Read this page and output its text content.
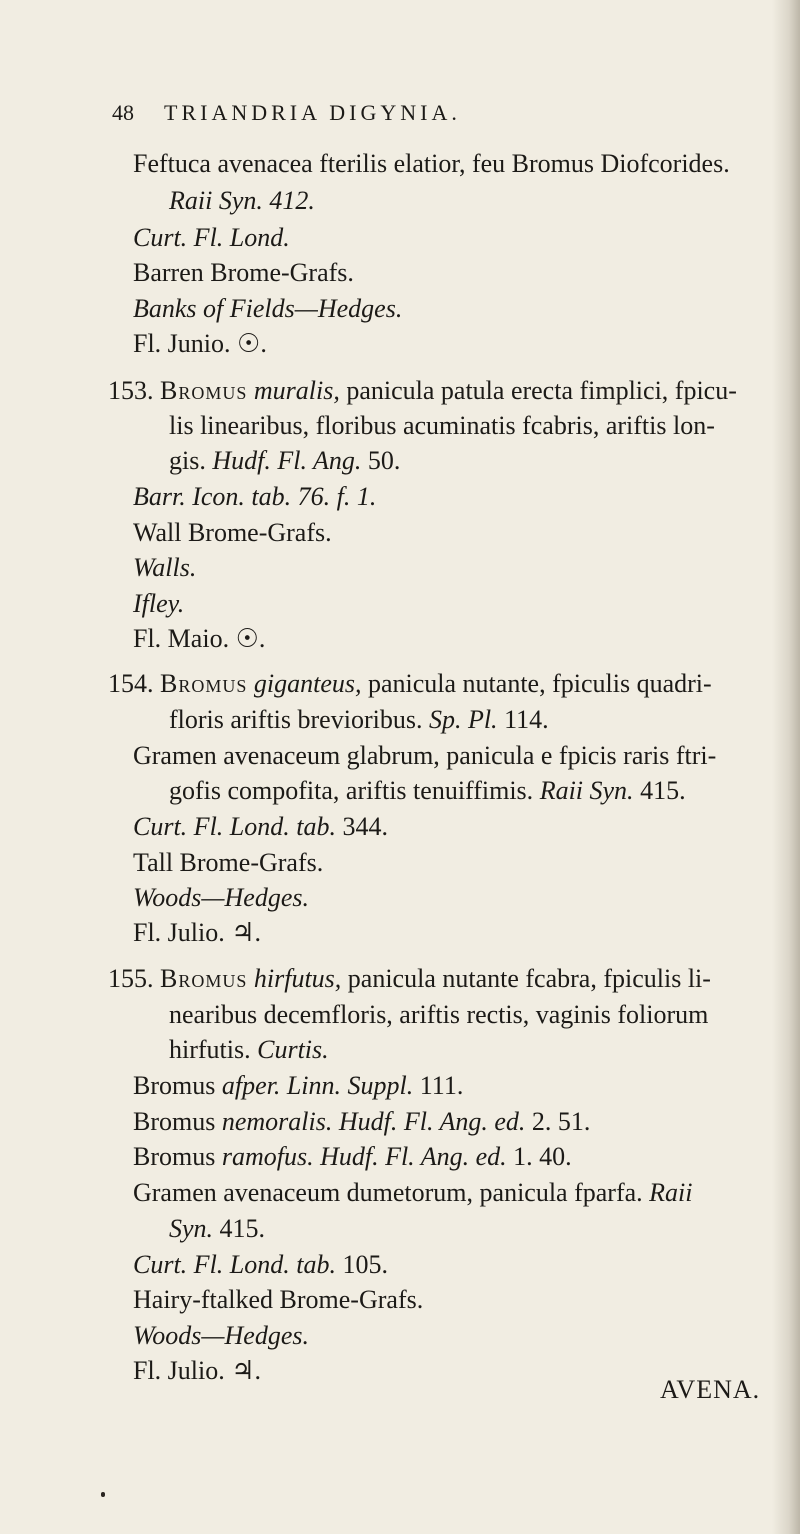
48 TRIANDRIA DIGYNIA.
Feftuca avenacea fterilis elatior, feu Bromus Diofcorides.
Raii Syn. 412.
Curt. Fl. Lond.
Barren Brome-Grafs.
Banks of Fields—Hedges.
Fl. Junio. ☉.
153. Bromus muralis, panicula patula erecta fimplici, fpicu-
lis linearibus, floribus acuminatis fcabris, ariftis lon-
gis. Hudf. Fl. Ang. 50.
Barr. Icon. tab. 76. f. 1.
Wall Brome-Grafs.
Walls.
Ifley.
Fl. Maio. ☉.
154. Bromus giganteus, panicula nutante, fpiculis quadri-
floris ariftis brevioribus. Sp. Pl. 114.
Gramen avenaceum glabrum, panicula e fpicis raris ftri-
gofis compofita, ariftis tenuiffimis. Raii Syn. 415.
Curt. Fl. Lond. tab. 344.
Tall Brome-Grafs.
Woods—Hedges.
Fl. Julio. ♃.
155. Bromus hirfutus, panicula nutante fcabra, fpiculis li-
nearibus decemfloris, ariftis rectis, vaginis foliorum
hirfutis. Curtis.
Bromus afper. Linn. Suppl. 111.
Bromus nemoralis. Hudf. Fl. Ang. ed. 2. 51.
Bromus ramofus. Hudf. Fl. Ang. ed. 1. 40.
Gramen avenaceum dumetorum, panicula fparfa. Raii
Syn. 415.
Curt. Fl. Lond. tab. 105.
Hairy-ftalked Brome-Grafs.
Woods—Hedges.
Fl. Julio. ♃.
AVENA.
